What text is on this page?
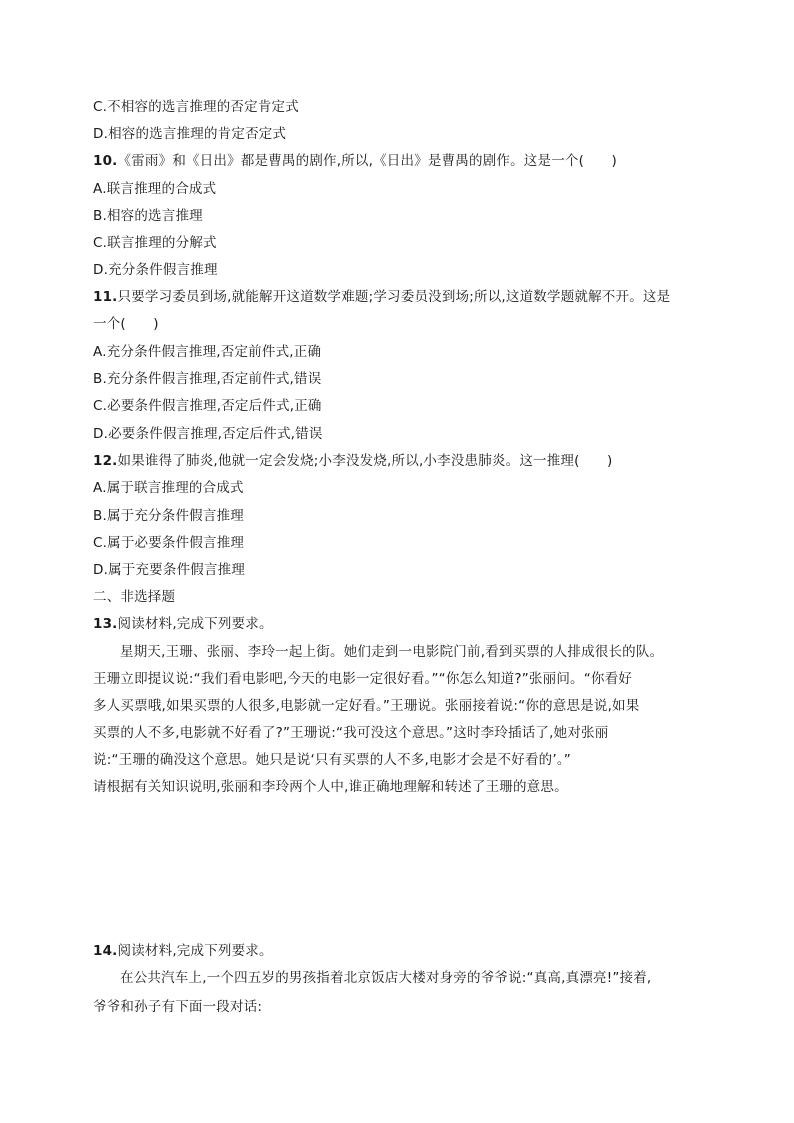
C.不相容的选言推理的否定肯定式
D.相容的选言推理的肯定否定式
10.《雷雨》和《日出》都是曹禺的剧作,所以,《日出》是曹禺的剧作。这是一个(　　)
A.联言推理的合成式
B.相容的选言推理
C.联言推理的分解式
D.充分条件假言推理
11.只要学习委员到场,就能解开这道数学难题;学习委员没到场;所以,这道数学题就解不开。这是
一个(　　)
A.充分条件假言推理,否定前件式,正确
B.充分条件假言推理,否定前件式,错误
C.必要条件假言推理,否定后件式,正确
D.必要条件假言推理,否定后件式,错误
12.如果谁得了肺炎,他就一定会发烧;小李没发烧,所以,小李没患肺炎。这一推理(　　)
A.属于联言推理的合成式
B.属于充分条件假言推理
C.属于必要条件假言推理
D.属于充要条件假言推理
二、非选择题
13.阅读材料,完成下列要求。
星期天,王珊、张丽、李玲一起上街。她们走到一电影院门前,看到买票的人排成很长的队。
王珊立即提议说:“我们看电影吧,今天的电影一定很好看。”“你怎么知道?”张丽问。“你看好
多人买票哦,如果买票的人很多,电影就一定好看。”王珊说。张丽接着说:“你的意思是说,如果
买票的人不多,电影就不好看了?”王珊说:“我可没这个意思。”这时李玲插话了,她对张丽
说:“王珊的确没这个意思。她只是说‘只有买票的人不多,电影才会是不好看的’。”
请根据有关知识说明,张丽和李玲两个人中,谁正确地理解和转述了王珊的意思。
14.阅读材料,完成下列要求。
在公共汽车上,一个四五岁的男孩指着北京饭店大楼对身旁的爷爷说:“真高,真漂亮!”接着,
爷爷和孙子有下面一段对话:
